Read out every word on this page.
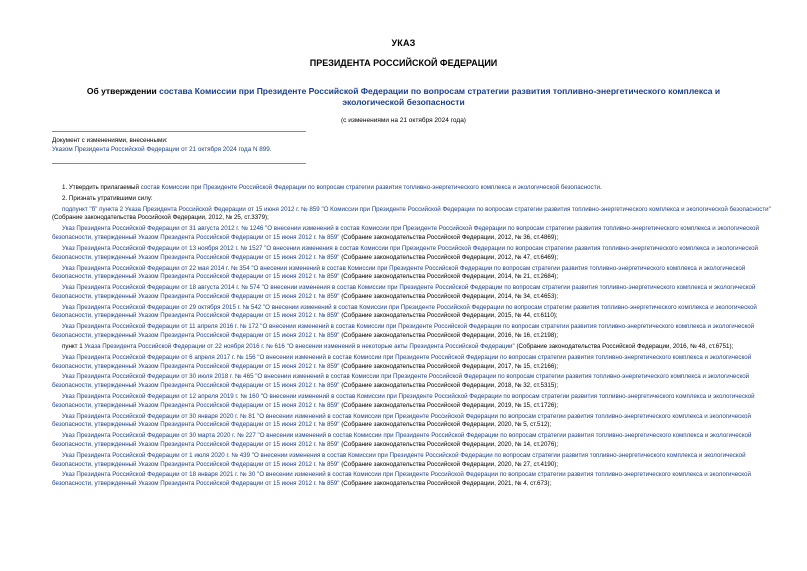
УКАЗ
ПРЕЗИДЕНТА РОССИЙСКОЙ ФЕДЕРАЦИИ
Об утверждении состава Комиссии при Президенте Российской Федерации по вопросам стратегии развития топливно-энергетического комплекса и экологической безопасности
(с изменениями на 21 октября 2024 года)
Документ с изменениями, внесенными:
Указом Президента Российской Федерации от 21 октября 2024 года N 899.

1. Утвердить прилагаемый состав Комиссии при Президенте Российской Федерации по вопросам стратегии развития топливно-энергетического комплекса и экологической безопасности.

2. Признать утратившими силу:

подпункт "б" пункта 2 Указа Президента Российской Федерации от 15 июня 2012 г. № 859 "О Комиссии при Президенте Российской Федерации по вопросам стратегии развития топливно-энергетического комплекса и экологической безопасности" (Собрание законодательства Российской Федерации, 2012, № 25, ст.3379);

Указ Президента Российской Федерации от 31 августа 2012 г. № 1246 "О внесении изменений в состав Комиссии при Президенте Российской Федерации по вопросам стратегии развития топливно-энергетического комплекса и экологической безопасности, утвержденный Указом Президента Российской Федерации от 15 июня 2012 г. № 859" (Собрание законодательства Российской Федерации, 2012, № 36, ст.4869);

Указ Президента Российской Федерации от 13 ноября 2012 г. № 1527 "О внесении изменения в состав Комиссии при Президенте Российской Федерации по вопросам стратегии развития топливно-энергетического комплекса и экологической безопасности, утвержденный Указом Президента Российской Федерации от 15 июня 2012 г. № 859" (Собрание законодательства Российской Федерации, 2012, № 47, ст.6469);

Указ Президента Российской Федерации от 22 мая 2014 г. № 354 "О внесении изменений в состав Комиссии при Президенте Российской Федерации по вопросам стратегии развития топливно-энергетического комплекса и экологической безопасности, утвержденный Указом Президента Российской Федерации от 15 июня 2012 г. № 859" (Собрание законодательства Российской Федерации, 2014, № 21, ст.2684);

Указ Президента Российской Федерации от 18 августа 2014 г. № 574 "О внесении изменения в состав Комиссии при Президенте Российской Федерации по вопросам стратегии развития топливно-энергетического комплекса и экологической безопасности, утвержденный Указом Президента Российской Федерации от 15 июня 2012 г. № 859" (Собрание законодательства Российской Федерации, 2014, № 34, ст.4653);

Указ Президента Российской Федерации от 29 октября 2015 г. № 542 "О внесении изменений в состав Комиссии при Президенте Российской Федерации по вопросам стратегии развития топливно-энергетического комплекса и экологической безопасности, утвержденный Указом Президента Российской Федерации от 15 июня 2012 г. № 859" (Собрание законодательства Российской Федерации, 2015, № 44, ст.6110);

Указ Президента Российской Федерации от 11 апреля 2016 г. № 172 "О внесении изменений в состав Комиссии при Президенте Российской Федерации по вопросам стратегии развития топливно-энергетического комплекса и экологической безопасности, утвержденный Указом Президента Российской Федерации от 15 июня 2012 г. № 859" (Собрание законодательства Российской Федерации, 2016, № 16, ст.2198);

пункт 1 Указа Президента Российской Федерации от 22 ноября 2016 г. № 616 "О внесении изменений в некоторые акты Президента Российской Федерации" (Собрание законодательства Российской Федерации, 2016, № 48, ст.6751);

Указ Президента Российской Федерации от 6 апреля 2017 г. № 156 "О внесении изменений в состав Комиссии при Президенте Российской Федерации по вопросам стратегии развития топливно-энергетического комплекса и экологической безопасности, утвержденный Указом Президента Российской Федерации от 15 июня 2012 г. № 859" (Собрание законодательства Российской Федерации, 2017, № 15, ст.2166);

Указ Президента Российской Федерации от 30 июля 2018 г. № 465 "О внесении изменений в состав Комиссии при Президенте Российской Федерации по вопросам стратегии развития топливно-энергетического комплекса и экологической безопасности, утвержденный Указом Президента Российской Федерации от 15 июня 2012 г. № 859" (Собрание законодательства Российской Федерации, 2018, № 32, ст.5315);

Указ Президента Российской Федерации от 12 апреля 2019 г. № 160 "О внесении изменений в состав Комиссии при Президенте Российской Федерации по вопросам стратегии развития топливно-энергетического комплекса и экологической безопасности, утвержденный Указом Президента Российской Федерации от 15 июня 2012 г. № 859" (Собрание законодательства Российской Федерации, 2019, № 15, ст.1726);

Указ Президента Российской Федерации от 30 января 2020 г. № 81 "О внесении изменений в состав Комиссии при Президенте Российской Федерации по вопросам стратегии развития топливно-энергетического комплекса и экологической безопасности, утвержденный Указом Президента Российской Федерации от 15 июня 2012 г. № 859" (Собрание законодательства Российской Федерации, 2020, № 5, ст.512);

Указ Президента Российской Федерации от 30 марта 2020 г. № 227 "О внесении изменений в состав Комиссии при Президенте Российской Федерации по вопросам стратегии развития топливно-энергетического комплекса и экологической безопасности, утвержденный Указом Президента Российской Федерации от 15 июня 2012 г. № 859" (Собрание законодательства Российской Федерации, 2020, № 14, ст.2076);

Указ Президента Российской Федерации от 1 июля 2020 г. № 439 "О внесении изменения в состав Комиссии при Президенте Российской Федерации по вопросам стратегии развития топливно-энергетического комплекса и экологической безопасности, утвержденный Указом Президента Российской Федерации от 15 июня 2012 г. № 859" (Собрание законодательства Российской Федерации, 2020, № 27, ст.4190);

Указ Президента Российской Федерации от 18 января 2021 г. № 30 "О внесении изменений в состав Комиссии при Президенте Российской Федерации по вопросам стратегии развития топливно-энергетического комплекса и экологической безопасности, утвержденный Указом Президента Российской Федерации от 15 июня 2012 г. № 859" (Собрание законодательства Российской Федерации, 2021, № 4, ст.673);
